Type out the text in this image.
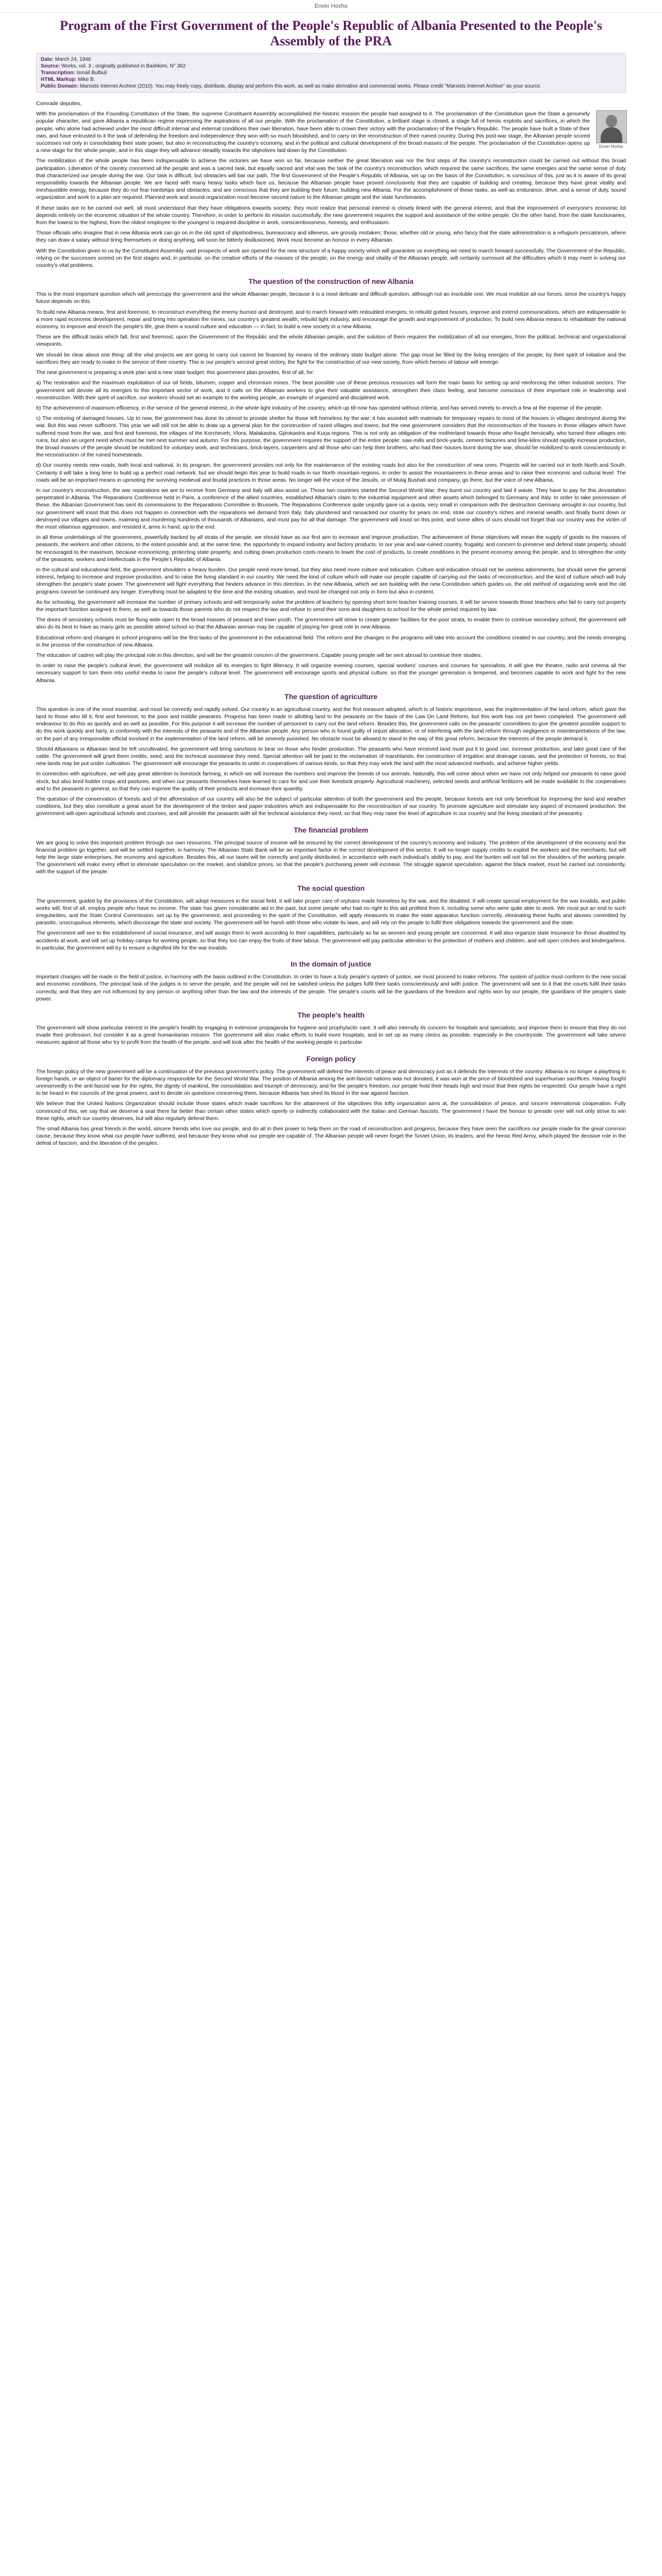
Enver Hoxha
Program of the First Government of the People's Republic of Albania Presented to the People's Assembly of the PRA
Date: March 24, 1946
Source: Works, vol. 3 ; originally published in Bashkimi, N° 362
Transcription: Ismail Bulbuli
HTML Markup: Mike B.
Public Domain: Marxists Internet Archive (2010). You may freely copy, distribute, display and perform this work; as well as make derivative and commercial works. Please credit "Marxists Internet Archive" as your source.

Comrade deputies,

Enver Hoxha

With the proclamation of the Founding Constitution of the State, the supreme Constituent Assembly accomplished the historic mission the people had assigned to it. The proclamation of the Constitution gave the State a genuinely popular character, and gave Albania a republican regime expressing the aspirations of all our people. With the proclamation of the Constitution, a brilliant stage is closed, a stage full of heroic exploits and sacrifices, in which the people, who alone had achieved under the most difficult internal and external conditions their own liberation, have been able to crown their victory with the proclamation of the People's Republic. The people have built a State of their own, and have entrusted to it the task of defending the freedom and independence they won with so much bloodshed, and to carry on the reconstruction of their ruined country. During this post-war stage, the Albanian people scored successes not only in consolidating their state power, but also in reconstructing the country's economy, and in the political and cultural development of the broad masses of the people. The proclamation of the Constitution opens up a new stage for the whole people, and in this stage they will advance steadily towards the objectives laid down by the Constitution.

The mobilization of the whole people has been indispensable to achieve the victories we have won so far, because neither the great liberation war nor the first steps of the country's reconstruction could be carried out without this broad participation. Liberation of the country concerned all the people and was a sacred task, but equally sacred and vital was the task of the country's reconstruction, which required the same sacrifices, the same energies and the same sense of duty that characterized our people during the war. Our task is difficult, but obstacles will bar our path. The first Government of the People's Republic of Albania, set up on the basis of the Constitution, is conscious of this, just as it is aware of its great responsibility towards the Albanian people. We are faced with many heavy tasks which face us, because the Albanian people have proved conclusively that they are capable of building and creating, because they have great vitality and inexhaustible energy, because they do not fear hardships and obstacles, and are conscious that they are building their future, building new Albania. For the accomplishment of these tasks, as well as endurance, drive, and a sense of duty, sound organization and work to a plan are required. Planned work and sound organization must become second nature to the Albanian people and the state functionaries.

If these tasks are to be carried out well, all must understand that they have obligations towards society; they must realize that personal interest is closely linked with the general interest, and that the improvement of everyone's economic lot depends entirely on the economic situation of the whole country. Therefore, in order to perform its mission successfully, the new government requires the support and assistance of the entire people. On the other hand, from the state functionaries, from the lowest to the highest, from the oldest employee to the youngest is required discipline in work, conscientiousness, honesty, and enthusiasm.

Those officials who imagine that in new Albania work can go on in the old spirit of slipshodness, bureaucracy and idleness, are grossly mistaken; those, whether old or young, who fancy that the state administration is a refugium peccatorum, where they can draw a salary without tiring themselves or doing anything, will soon be bitterly disillusioned. Work must become an honour in every Albanian.

With the Constitution given to us by the Constituent Assembly, vast prospects of work are opened for the new structure of a happy society which will guarantee us everything we need to march forward successfully. The Government of the Republic, relying on the successes scored on the first stages and, in particular, on the creative efforts of the masses of the people, on the energy and vitality of the Albanian people, will certainly surmount all the difficulties which it may meet in solving our country's vital problems.

The question of the construction of new Albania

This is the most important question which will preoccupy the government and the whole Albanian people, because it is a most delicate and difficult question, although not an insoluble one. We must mobilize all our forces, since the country's happy future depends on this.

To build new Albania means, first and foremost, to reconstruct everything the enemy burned and destroyed, and to march forward with redoubled energies; to rebuild gutted houses, improve and extend communications, which are indispensable to a more rapid economic development, repair and bring into operation the mines, our country's greatest wealth, rebuild light industry, and encourage the growth and improvement of production. To build new Albania means to rehabilitate the national economy, to improve and enrich the people's life, give them a sound culture and education — in fact, to build a new society in a new Albania.

These are the difficult tasks which fall, first and foremost, upon the Government of the Republic and the whole Albanian people, and the solution of them requires the mobilization of all our energies, from the political, technical and organizational viewpoints.

We should be clear about one thing: all the vital projects we are going to carry out cannot be financed by means of the ordinary state budget alone. The gap must be filled by the living energies of the people, by their spirit of initiative and the sacrifices they are ready to make in the service of their country. This is our people's second great victory, the fight for the construction of our new society, from which heroes of labour will emerge.

The new government is preparing a work plan and a new state budget; this government plan provides, first of all, for:

a) The restoration and the maximum exploitation of our oil fields, bitumen, copper and chromium mines. The best possible use of these precious resources will form the main basis for setting up and reinforcing the other industrial sectors. The government will devote all its energies to this important sector of work, and it calls on the Albanian workers to give their valuable assistance, strengthen their class feeling, and become conscious of their important role in leadership and reconstruction. With their spirit of sacrifice, our workers should set an example to the working people, an example of organized and disciplined work.

b) The achievement of maximum efficiency, in the service of the general interest, in the whole light industry of the country, which up till now has operated without criteria, and has served merely to enrich a few at the expense of the people.

c) The restoring of damaged houses. Up to now, the government has done its utmost to provide shelter for those left homeless by the war; it has assisted with materials for temporary repairs to most of the houses in villages destroyed during the war. But this was never sufficient. This year we will still not be able to draw up a general plan for the construction of razed villages and towns, but the new government considers that the reconstruction of the houses in those villages which have suffered most from the war, and first and foremost, the villages of the Korcheveh, Vlora, Malakastra, Gjirokastra and Kurja regions. This is not only an obligation of the motherland towards those who fought heroically, who turned their villages into ruins, but also an urgent need which must be met next summer and autumn. For this purpose, the government requires the support of the entire people: saw-mills and brick-yards, cement factories and lime-kilns should rapidly increase production, the broad masses of the people should be mobilized for voluntary work, and technicians, brick-layers, carpenters and all those who can help their brothers, who had their houses burnt during the war, should be mobilized to work conscientiously in the reconstruction of the ruined homesteads.

d) Our country needs new roads, both local and national. In its program, the government provides not only for the maintenance of the existing roads but also for the construction of new ones. Projects will be carried out in both North and South. Certainly it will take a long time to build up a perfect road network, but we should begin this year to build roads in our North mountain regions, in order to assist the mountaineers in these areas and to raise their economic and cultural level. The roads will be an important means in uprooting the surviving medieval and feudal practices in those areas. No longer will the voice of the Jesuits, or of Mulaj Bushati and company, go there, but the voice of new Albania.

In our country's reconstruction, the war reparations we are to receive from Germany and Italy will also assist us. Those two countries started the Second World War; they burnt our country and laid it waste. They have to pay for this devastation perpetrated in Albania. The Reparations Conference held in Paris, a conference of the allied countries, established Albania's claim to the industrial equipment and other assets which belonged to Germany and Italy. In order to take possession of these, the Albanian Government has sent its commissions to the Reparations Committee in Brussels. The Reparations Conference quite unjustly gave us a quota, very small in comparison with the destruction Germany wrought in our country, but our government will insist that this does not happen in connection with the reparations we demand from Italy. Italy plundered and ransacked our country for years on end, stole our country's riches and mineral wealth, and finally burnt down or destroyed our villages and towns, maiming and murdering hundreds of thousands of Albanians, and must pay for all that damage. The government will insist on this point, and some allies of ours should not forget that our country was the victim of the most villainous aggression, and resisted it, arms in hand, up to the end.

In all these undertakings of the government, powerfully backed by all strata of the people, we should have as our first aim to increase and improve production. The achievement of these objectives will mean the supply of goods to the masses of peasants, the workers and other citizens, to the extent possible and, at the same time, the opportunity to expand industry and factory products. In our year and war-ruined country, frugality, and concern to preserve and defend state property, should be encouraged to the maximum, because economizing, protecting state property, and cutting down production costs means to lower the cost of products, to create conditions in the present economy among the people, and to strengthen the unity of the peasants, workers and intellectuals in the People's Republic of Albania.

In the cultural and educational field, the government shoulders a heavy burden. Our people need more bread, but they also need more culture and education. Culture and education should not be useless adornments, but should serve the general interest, helping to increase and improve production, and to raise the living standard in our country. We need the kind of culture which will make our people capable of carrying out the tasks of reconstruction, and the kind of culture which will truly strengthen the people's state power. The government will fight everything that hinders advance in this direction. In the new Albania, which we are building with the new Constitution which guides us, the old method of organizing work and the old programs cannot be continued any longer. Everything must be adapted to the time and the existing situation, and must be changed not only in form but also in content.

As for schooling, the government will increase the number of primary schools and will temporarily solve the problem of teachers by opening short term teacher training courses. It will be severe towards those teachers who fail to carry out properly the important function assigned to them, as well as towards those parents who do not respect the law and refuse to send their sons and daughters to school for the whole period required by law.

The doors of secondary schools must be flung wide open to the broad masses of peasant and town youth. The government will strive to create greater facilities for the poor strata, to enable them to continue secondary school; the government will also do its best to have as many girls as possible attend school so that the Albanian woman may be capable of playing her great role in new Albania.

Educational reform and changes in school programs will be the first tasks of the government in the educational field. The reform and the changes in the programs will take into account the conditions created in our country, and the needs emerging in the process of the construction of new Albania.

The education of cadres will play the principal role in this direction, and will be the greatest concern of the government. Capable young people will be sent abroad to continue their studies.

In order to raise the people's cultural level, the government will mobilize all its energies to fight illiteracy. It will organize evening courses, special workers' courses and courses for specialists. It will give the theatre, radio and cinema all the necessary support to turn them into useful media to raise the people's cultural level. The government will encourage sports and physical culture, so that the younger generation is tempered, and becomes capable to work and fight for the new Albania.

The question of agriculture

This question is one of the most essential, and must be correctly and rapidly solved. Our country is an agricultural country, and the first measure adopted, which is of historic importance, was the implementation of the land reform, which gave the land to those who till it, first and foremost, to the poor and middle peasants. Progress has been made in allotting land to the peasants on the basis of the Law On Land Reform, but this work has not yet been completed. The government will endeavour to do this as quickly and as well as possible. For this purpose it will increase the number of personnel to carry out the land reform. Besides this, the government calls on the peasants' committees to give the greatest possible support to do this work quickly and fairly, in conformity with the interests of the peasants and of the Albanian people. Any person who is found guilty of unjust allocation, or of interfering with the land reform through negligence or misinterpretations of the law, on the part of any irresponsible official involved in the implementation of the land reform, will be severely punished. No obstacle must be allowed to stand in the way of this great reform, because the interests of the people demand it.

Should Albanians or Albanian land be left uncultivated, the government will bring sanctions to bear on those who hinder production. The peasants who have received land must put it to good use, increase production, and take good care of the cattle. The government will grant them credits, seed, and the technical assistance they need. Special attention will be paid to the reclamation of marshlands, the construction of irrigation and drainage canals, and the protection of forests, so that new lands may be put under cultivation. The government will encourage the peasants to unite in cooperatives of various kinds, so that they may work the land with the most advanced methods, and achieve higher yields.

In connection with agriculture, we will pay great attention to livestock farming, in which we will increase the numbers and improve the breeds of our animals. Naturally, this will come about when we have not only helped our peasants to raise good stock, but also bred fodder crops and pastures, and when our peasants themselves have learned to care for and use their livestock properly. Agricultural machinery, selected seeds and artificial fertilizers will be made available to the cooperatives and to the peasants in general, so that they can improve the quality of their products and increase their quantity.

The question of the conservation of forests and of the afforestation of our country will also be the subject of particular attention of both the government and the people, because forests are not only beneficial for improving the land and weather conditions, but they also constitute a great asset for the development of the timber and paper industries which are indispensable for the reconstruction of our country. To promote agriculture and stimulate any aspect of increased production, the government will open agricultural schools and courses, and will provide the peasants with all the technical assistance they need, so that they may raise the level of agriculture in our country and the living standard of the peasantry.

The financial problem

We are going to solve this important problem through our own resources. The principal source of income will be ensured by the correct development of the country's economy and industry. The problem of the development of the economy and the financial problem go together, and will be settled together, in harmony. The Albanian State Bank will be an important factor in the correct development of this sector. It will no longer supply credits to exploit the workers and the merchants, but will help the large state enterprises, the economy and agriculture. Besides this, all our taxes will be correctly and justly distributed, in accordance with each individual's ability to pay, and the burden will not fall on the shoulders of the working people. The government will make every effort to eliminate speculation on the market, and stabilize prices, so that the people's purchasing power will increase. The struggle against speculation, against the black market, must be carried out consistently, with the support of the people.

The social question

The government, guided by the provisions of the Constitution, will adopt measures in the social field. It will take proper care of orphans made homeless by the war, and the disabled. It will create special employment for the war invalids, and public works will, first of all, employ people who have no income. The state has given considerable aid in the past, but some people who had no right to this aid profited from it, including some who were quite able to work. We must put an end to such irregularities, and the State Control Commission, set up by the government, and proceeding in the spirit of the Constitution, will apply measures to make the state apparatus function correctly, eliminating these faults and abuses committed by parasitic, unscrupulous elements, which discourage the state and society. The government will be harsh with those who violate its laws, and will rely on the people to fulfil their obligations towards the government and the state.

The government will see to the establishment of social insurance, and will assign them to work according to their capabilities, particularly as far as women and young people are concerned. It will also organize state insurance for those disabled by accidents at work, and will set up holiday camps for working people, so that they too can enjoy the fruits of their labour. The government will pay particular attention to the protection of mothers and children, and will open crèches and kindergartens. In particular, the government will try to ensure a dignified life for the war invalids.

In the domain of justice

Important changes will be made in the field of justice, in harmony with the basis outlined in the Constitution. In order to have a truly people's system of justice, we must proceed to make reforms. The system of justice must conform to the new social and economic conditions. The principal task of the judges is to serve the people, and the people will not be satisfied unless the judges fulfil their tasks conscientiously and with justice. The government will see to it that the courts fulfil their tasks correctly, and that they are not influenced by any person or anything other than the law and the interests of the people. The people's courts will be the guardians of the freedom and rights won by our people, the guardians of the people's state power.

The people's health

The government will show particular interest in the people's health by engaging in extensive propaganda for hygiene and prophylactic care. It will also intensify its concern for hospitals and specialists, and improve them to ensure that they do not evade their profession, but consider it as a great humanitarian mission. The government will also make efforts to build more hospitals, and to set up as many clinics as possible, especially in the countryside. The government will take severe measures against all those who try to profit from the health of the people, and will look after the health of the working people in particular.

Foreign policy

The foreign policy of the new government will be a continuation of the previous government's policy. The government will defend the interests of peace and democracy just as it defends the interests of the country. Albania is no longer a plaything in foreign hands, or an object of barter for the diplomacy responsible for the Second World War. The position of Albania among the anti-fascist nations was not donated, it was won at the price of bloodshed and superhuman sacrifices. Having fought unreservedly in the anti-fascist war for the rights, the dignity of mankind, the consolidation and triumph of democracy, and for the people's freedom, our people hold their heads high and insist that their rights be respected. Our people have a right to be heard in the councils of the great powers, and to decide on questions concerning them, because Albania has shed its blood in the war against fascism.

We believe that the United Nations Organization should include those states which made sacrifices for the attainment of the objectives this lofty organization aims at, the consolidation of peace, and sincere international cooperation. Fully convinced of this, we say that we deserve a seat there far better than certain other states which openly or indirectly collaborated with the Italian and German fascists. The government I have the honour to preside over will not only strive to win these rights, which our country deserves, but will also regularly defend them.

The small Albania has great friends in the world, sincere friends who love our people, and do all in their power to help them on the road of reconstruction and progress, because they have seen the sacrifices our people made for the great common cause, because they know what our people have suffered, and because they know what our people are capable of. The Albanian people will never forget the Soviet Union, its leaders, and the heroic Red Army, which played the decisive role in the defeat of fascism, and the liberation of the peoples.
